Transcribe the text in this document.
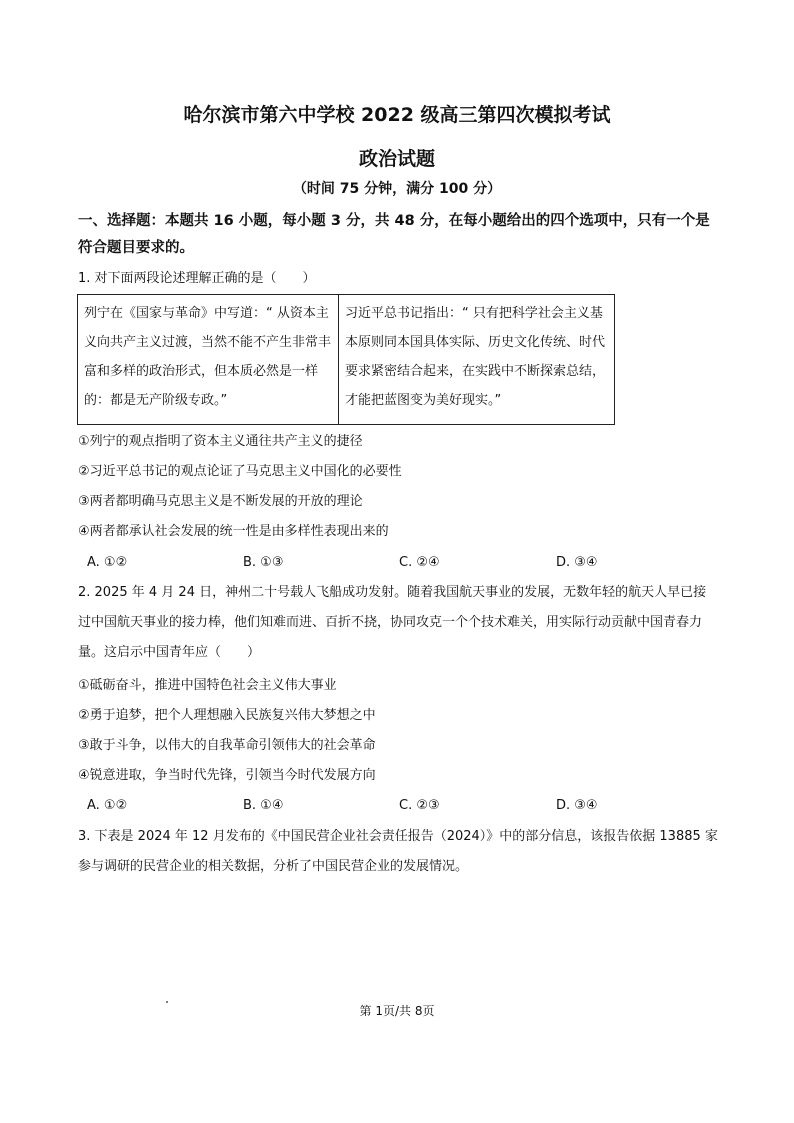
哈尔滨市第六中学校 2022 级高三第四次模拟考试
政治试题
（时间 75 分钟，满分 100 分）
一、选择题：本题共 16 小题，每小题 3 分，共 48 分，在每小题给出的四个选项中，只有一个是符合题目要求的。
1. 对下面两段论述理解正确的是（　　）
列宁在《国家与革命》中写道：“ 从资本主义向共产主义过渡，当然不能不产生非常丰富和多样的政治形式，但本质必然是一样的：都是无产阶级专政。”
习近平总书记指出：“ 只有把科学社会主义基本原则同本国具体实际、历史文化传统、时代要求紧密结合起来，在实践中不断探索总结，才能把蓝图变为美好现实。”
①列宁的观点指明了资本主义通往共产主义的捷径
②习近平总书记的观点论证了马克思主义中国化的必要性
③两者都明确马克思主义是不断发展的开放的理论
④两者都承认社会发展的统一性是由多样性表现出来的
A. ①②	B. ①③	C. ②④	D. ③④
2. 2025 年 4 月 24 日，神州二十号载人飞船成功发射。随着我国航天事业的发展，无数年轻的航天人早已接过中国航天事业的接力棒，他们知难而进、百折不挠，协同攻克一个个技术难关，用实际行动贡献中国青春力量。这启示中国青年应（　　）
①砥砺奋斗，推进中国特色社会主义伟大事业
②勇于追梦，把个人理想融入民族复兴伟大梦想之中
③敢于斗争，以伟大的自我革命引领伟大的社会革命
④锐意进取，争当时代先锋，引领当今时代发展方向
A. ①②	B. ①④	C. ②③	D. ③④
3. 下表是 2024 年 12 月发布的《中国民营企业社会责任报告（2024）》中的部分信息，该报告依据 13885 家参与调研的民营企业的相关数据，分析了中国民营企业的发展情况。
第 1页/共 8页
